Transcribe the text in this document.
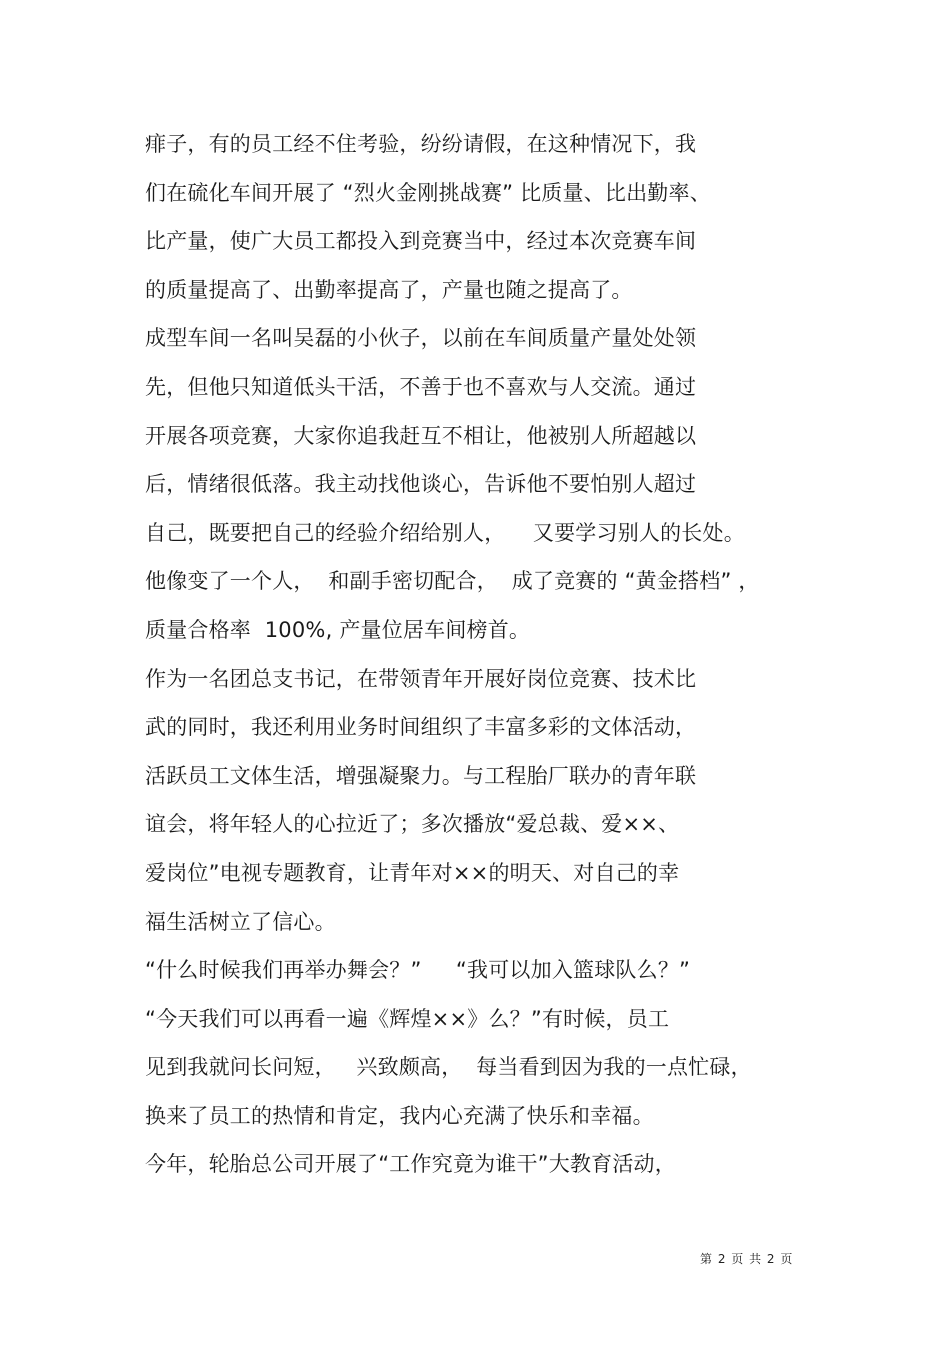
痱子，有的员工经不住考验，纷纷请假，在这种情况下，我
们在硫化车间开展了 “烈火金刚挑战赛” 比质量、比出勤率、
比产量，使广大员工都投入到竞赛当中，经过本次竞赛车间
的质量提高了、出勤率提高了，产量也随之提高了。
成型车间一名叫吴磊的小伙子，以前在车间质量产量处处领
先，但他只知道低头干活，不善于也不喜欢与人交流。通过
开展各项竞赛，大家你追我赶互不相让，他被别人所超越以
后，情绪很低落。我主动找他谈心，告诉他不要怕别人超过
自己，既要把自己的经验介绍给别人，    又要学习别人的长处。
他像变了一个人，  和副手密切配合，  成了竞赛的 “黄金搭档” ，
质量合格率  100%, 产量位居车间榜首。
作为一名团总支书记，在带领青年开展好岗位竞赛、技术比
武的同时，我还利用业务时间组织了丰富多彩的文体活动，
活跃员工文体生活，增强凝聚力。与工程胎厂联办的青年联
谊会，将年轻人的心拉近了；多次播放“爱总裁、爱××、
爱岗位”电视专题教育，让青年对××的明天、对自己的幸
福生活树立了信心。
“什么时候我们再举办舞会？”     “我可以加入篮球队么？”
“今天我们可以再看一遍《辉煌××》么？”有时候，员工
见到我就问长问短，   兴致颇高，  每当看到因为我的一点忙碌，
换来了员工的热情和肯定，我内心充满了快乐和幸福。
今年，轮胎总公司开展了“工作究竟为谁干”大教育活动，
第 2 页 共 2 页
